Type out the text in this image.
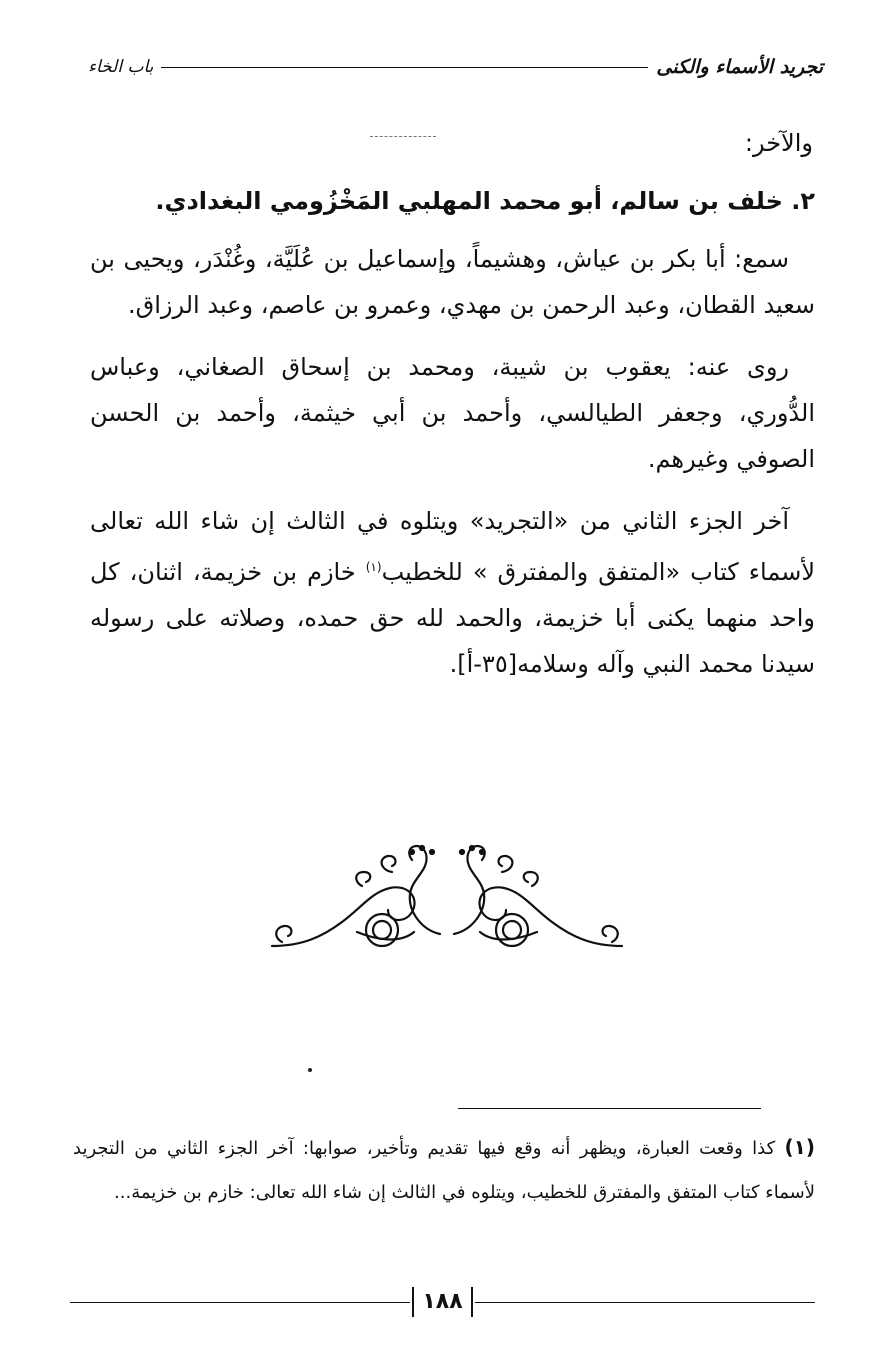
تجريد الأسماء والكنى
باب الخاء

والآخر:

٢. خلف بن سالم، أبو محمد المهلبي المَخْزُومي البغدادي.

سمع: أبا بكر بن عياش، وهشيماً، وإسماعيل بن عُلَيَّة، وغُنْدَر، ويحيى بن سعيد القطان، وعبد الرحمن بن مهدي، وعمرو بن عاصم، وعبد الرزاق.

روى عنه: يعقوب بن شيبة، ومحمد بن إسحاق الصغاني، وعباس الدُّوري، وجعفر الطيالسي، وأحمد بن أبي خيثمة، وأحمد بن الحسن الصوفي وغيرهم.

آخر الجزء الثاني من «التجريد» ويتلوه في الثالث إن شاء الله تعالى لأسماء كتاب «المتفق والمفترق » للخطيب$^{(١)}$ خازم بن خزيمة، اثنان، كل واحد منهما يكنى أبا خزيمة، والحمد لله حق حمده، وصلاته على رسوله سيدنا محمد النبي وآله وسلامه[٣٥-أ].

(١) كذا وقعت العبارة، ويظهر أنه وقع فيها تقديم وتأخير، صوابها: آخر الجزء الثاني من التجريد لأسماء كتاب المتفق والمفترق للخطيب، ويتلوه في الثالث إن شاء الله تعالى: خازم بن خزيمة...
١٨٨
